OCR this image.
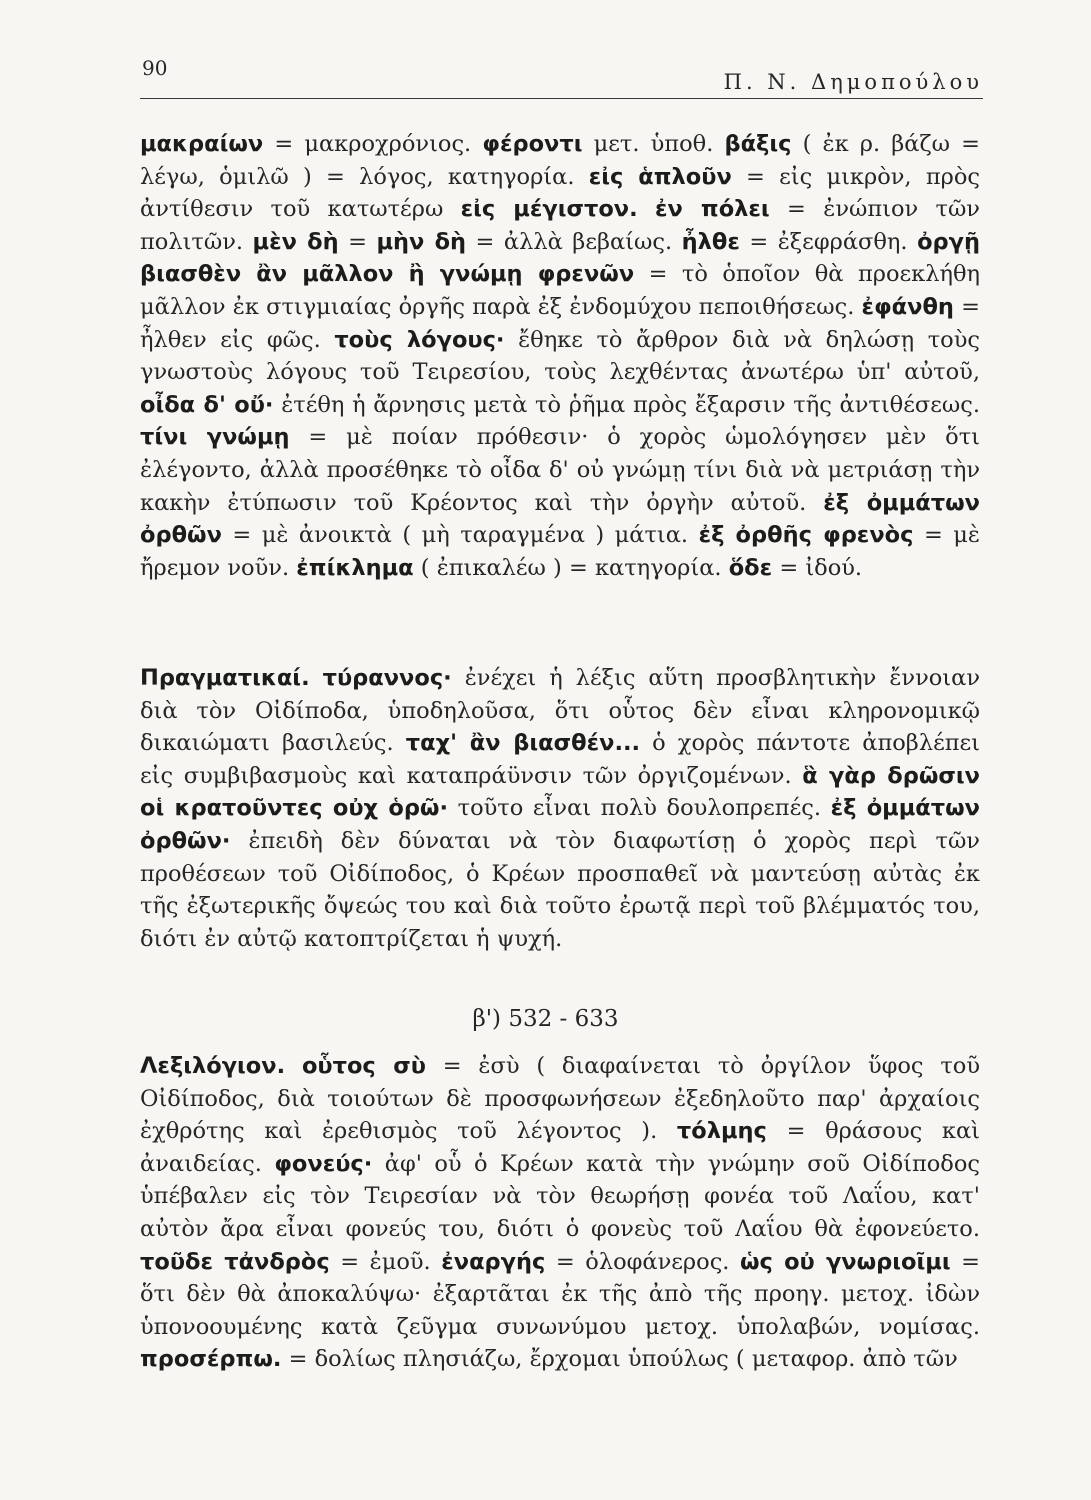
90
Π. Ν. Δημοπούλου

μακραίων = μακροχρόνιος. φέροντι μετ. ὑποθ. βάξις ( ἐκ ρ. βάζω = λέγω, ὁμιλῶ ) = λόγος, κατηγορία. εἰς ἁπλοῦν = εἰς μικρὸν, πρὸς ἀντίθεσιν τοῦ κατωτέρω εἰς μέγιστον. ἐν πόλει = ἐνώπιον τῶν πολιτῶν. μὲν δὴ = μὴν δὴ = ἀλλὰ βεβαίως. ἦλθε = ἐξεφράσθη. ὀργῇ βιασθὲν ἂν μᾶλλον ἢ γνώμῃ φρενῶν = τὸ ὁποῖον θὰ προεκλήθη μᾶλλον ἐκ στιγμιαίας ὀργῆς παρὰ ἐξ ἐνδομύχου πεποιθήσεως. ἐφάνθη = ἦλθεν εἰς φῶς. τοὺς λόγους· ἔθηκε τὸ ἄρθρον διὰ νὰ δηλώσῃ τοὺς γνωστοὺς λόγους τοῦ Τειρεσίου, τοὺς λεχθέντας ἀνωτέρω ὑπ' αὐτοῦ, οἶδα δ' οὔ· ἐτέθη ἡ ἄρνησις μετὰ τὸ ῥῆμα πρὸς ἔξαρσιν τῆς ἀντιθέσεως. τίνι γνώμῃ = μὲ ποίαν πρόθεσιν· ὁ χορὸς ὡμολόγησεν μὲν ὅτι ἐλέγοντο, ἀλλὰ προσέθηκε τὸ οἶδα δ' οὐ γνώμῃ τίνι διὰ νὰ μετριάσῃ τὴν κακὴν ἐτύπωσιν τοῦ Κρέοντος καὶ τὴν ὀργὴν αὐτοῦ. ἐξ ὀμμάτων ὀρθῶν = μὲ ἀνοικτὰ ( μὴ ταραγμένα ) μάτια. ἐξ ὀρθῆς φρενὸς = μὲ ἤρεμον νοῦν. ἐπίκλημα ( ἐπικαλέω ) = κατηγορία. ὅδε = ἰδού.

Πραγματικαί. τύραννος· ἐνέχει ἡ λέξις αὕτη προσβλητικὴν ἔννοιαν διὰ τὸν Οἰδίποδα, ὑποδηλοῦσα, ὅτι οὗτος δὲν εἶναι κληρονομικῷ δικαιώματι βασιλεύς. ταχ' ἂν βιασθέν... ὁ χορὸς πάντοτε ἀποβλέπει εἰς συμβιβασμοὺς καὶ καταπράϋνσιν τῶν ὀργιζομένων. ἃ γὰρ δρῶσιν οἱ κρατοῦντες οὐχ ὁρῶ· τοῦτο εἶναι πολὺ δουλοπρεπές. ἐξ ὀμμάτων ὀρθῶν· ἐπειδὴ δὲν δύναται νὰ τὸν διαφωτίσῃ ὁ χορὸς περὶ τῶν προθέσεων τοῦ Οἰδίποδος, ὁ Κρέων προσπαθεῖ νὰ μαντεύσῃ αὐτὰς ἐκ τῆς ἐξωτερικῆς ὄψεώς του καὶ διὰ τοῦτο ἐρωτᾷ περὶ τοῦ βλέμματός του, διότι ἐν αὐτῷ κατοπτρίζεται ἡ ψυχή.

β') 532 - 633

Λεξιλόγιον. οὗτος σὺ = ἐσὺ ( διαφαίνεται τὸ ὀργίλον ὕφος τοῦ Οἰδίποδος, διὰ τοιούτων δὲ προσφωνήσεων ἐξεδηλοῦτο παρ' ἀρχαίοις ἐχθρότης καὶ ἐρεθισμὸς τοῦ λέγοντος ). τόλμης = θράσους καὶ ἀναιδείας. φονεύς· ἀφ' οὗ ὁ Κρέων κατὰ τὴν γνώμην σοῦ Οἰδίποδος ὑπέβαλεν εἰς τὸν Τειρεσίαν νὰ τὸν θεωρήσῃ φονέα τοῦ Λαΐου, κατ' αὐτὸν ἄρα εἶναι φονεύς του, διότι ὁ φονεὺς τοῦ Λαΐου θὰ ἐφονεύετο. τοῦδε τἀνδρὸς = ἐμοῦ. ἐναργής = ὁλοφάνερος. ὡς οὐ γνωριοῖμι = ὅτι δὲν θὰ ἀποκαλύψω· ἐξαρτᾶται ἐκ τῆς ἀπὸ τῆς προηγ. μετοχ. ἰδὼν ὑπονοουμένης κατὰ ζεῦγμα συνωνύμου μετοχ. ὑπολαβών, νομίσας. προσέρπω. = δολίως πλησιάζω, ἔρχομαι ὑπούλως ( μεταφορ. ἀπὸ τῶν
